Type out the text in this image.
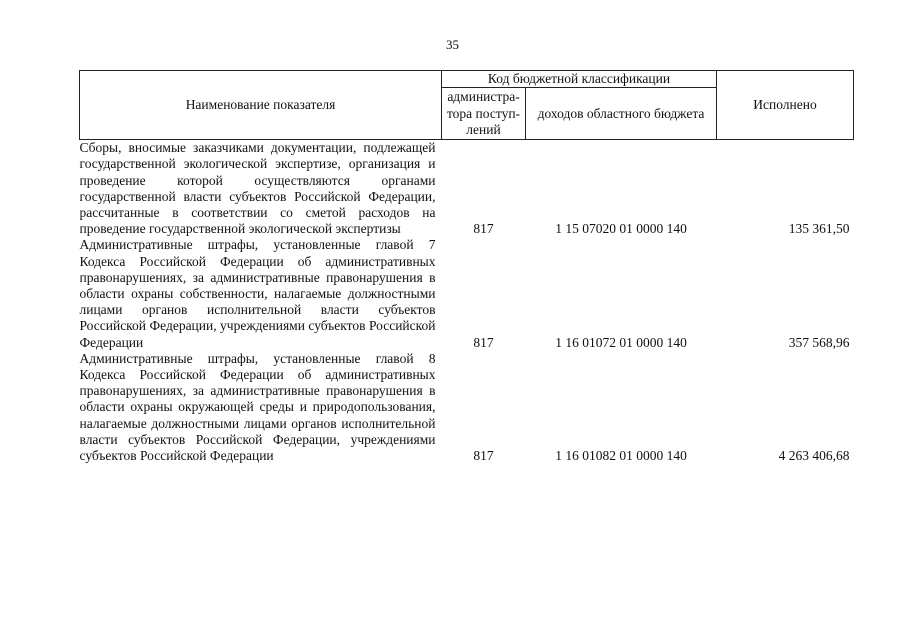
35
Наименование показателя	Код бюджетной классификации		Исполнено
	администра-тора поступ-лений	доходов областного бюджета	
Сборы, вносимые заказчиками документации, подлежащей государственной экологической экспертизе, организация и проведение которой осуществляются органами государственной власти субъектов Российской Федерации, рассчитанные в соответствии со сметой расходов на проведение государственной экологической экспертизы	817	1 15 07020 01 0000 140	135 361,50
Административные штрафы, установленные главой 7 Кодекса Российской Федерации об административных правонарушениях, за административные правонарушения в области охраны собственности, налагаемые должностными лицами органов исполнительной власти субъектов Российской Федерации, учреждениями субъектов Российской Федерации	817	1 16 01072 01 0000 140	357 568,96
Административные штрафы, установленные главой 8 Кодекса Российской Федерации об административных правонарушениях, за административные правонарушения в области охраны окружающей среды и природопользования, налагаемые должностными лицами органов исполнительной власти субъектов Российской Федерации, учреждениями субъектов Российской Федерации	817	1 16 01082 01 0000 140	4 263 406,68
